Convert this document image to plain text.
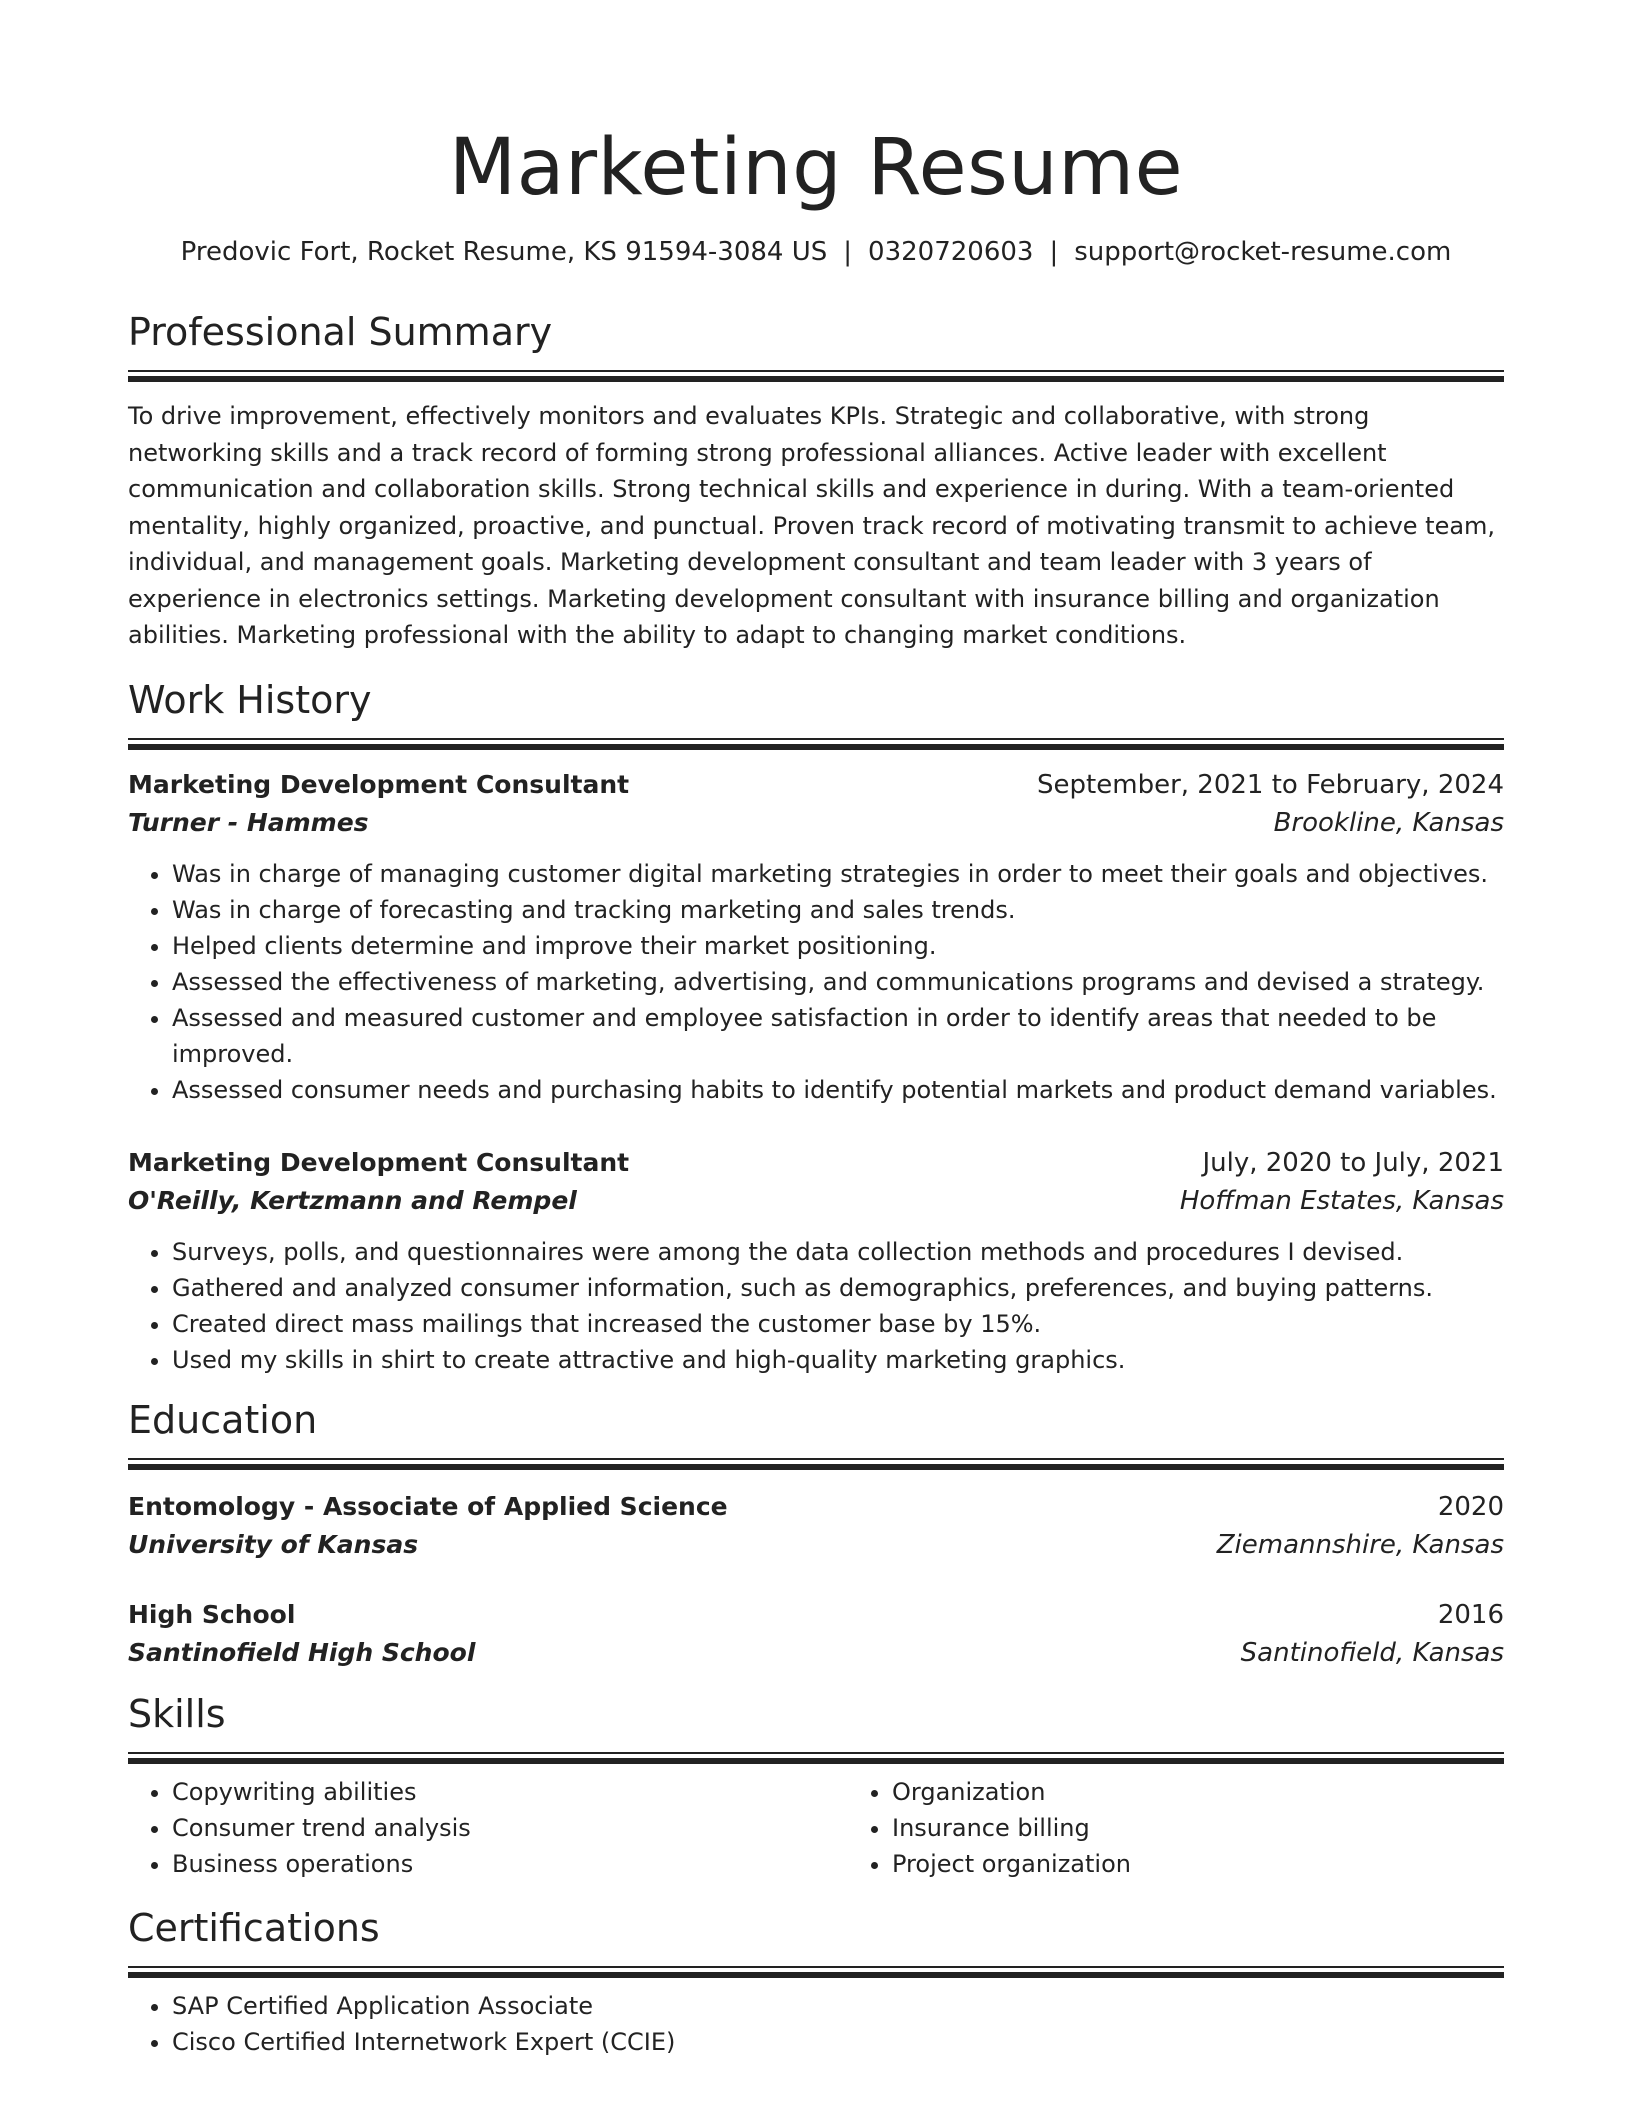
Marketing Resume
Predovic Fort, Rocket Resume, KS 91594-3084 US | 0320720603 | support@rocket-resume.com
Professional Summary
To drive improvement, effectively monitors and evaluates KPIs. Strategic and collaborative, with strong networking skills and a track record of forming strong professional alliances. Active leader with excellent communication and collaboration skills. Strong technical skills and experience in during. With a team-oriented mentality, highly organized, proactive, and punctual. Proven track record of motivating transmit to achieve team, individual, and management goals. Marketing development consultant and team leader with 3 years of experience in electronics settings. Marketing development consultant with insurance billing and organization abilities. Marketing professional with the ability to adapt to changing market conditions.
Work History
Marketing Development Consultant	September, 2021 to February, 2024
Turner - Hammes	Brookline, Kansas
• Was in charge of managing customer digital marketing strategies in order to meet their goals and objectives.
• Was in charge of forecasting and tracking marketing and sales trends.
• Helped clients determine and improve their market positioning.
• Assessed the effectiveness of marketing, advertising, and communications programs and devised a strategy.
• Assessed and measured customer and employee satisfaction in order to identify areas that needed to be improved.
• Assessed consumer needs and purchasing habits to identify potential markets and product demand variables.
Marketing Development Consultant	July, 2020 to July, 2021
O'Reilly, Kertzmann and Rempel	Hoffman Estates, Kansas
• Surveys, polls, and questionnaires were among the data collection methods and procedures I devised.
• Gathered and analyzed consumer information, such as demographics, preferences, and buying patterns.
• Created direct mass mailings that increased the customer base by 15%.
• Used my skills in shirt to create attractive and high-quality marketing graphics.
Education
Entomology - Associate of Applied Science	2020
University of Kansas	Ziemannshire, Kansas
High School	2016
Santinofield High School	Santinofield, Kansas
Skills
• Copywriting abilities
• Consumer trend analysis
• Business operations
• Organization
• Insurance billing
• Project organization
Certifications
• SAP Certified Application Associate
• Cisco Certified Internetwork Expert (CCIE)
